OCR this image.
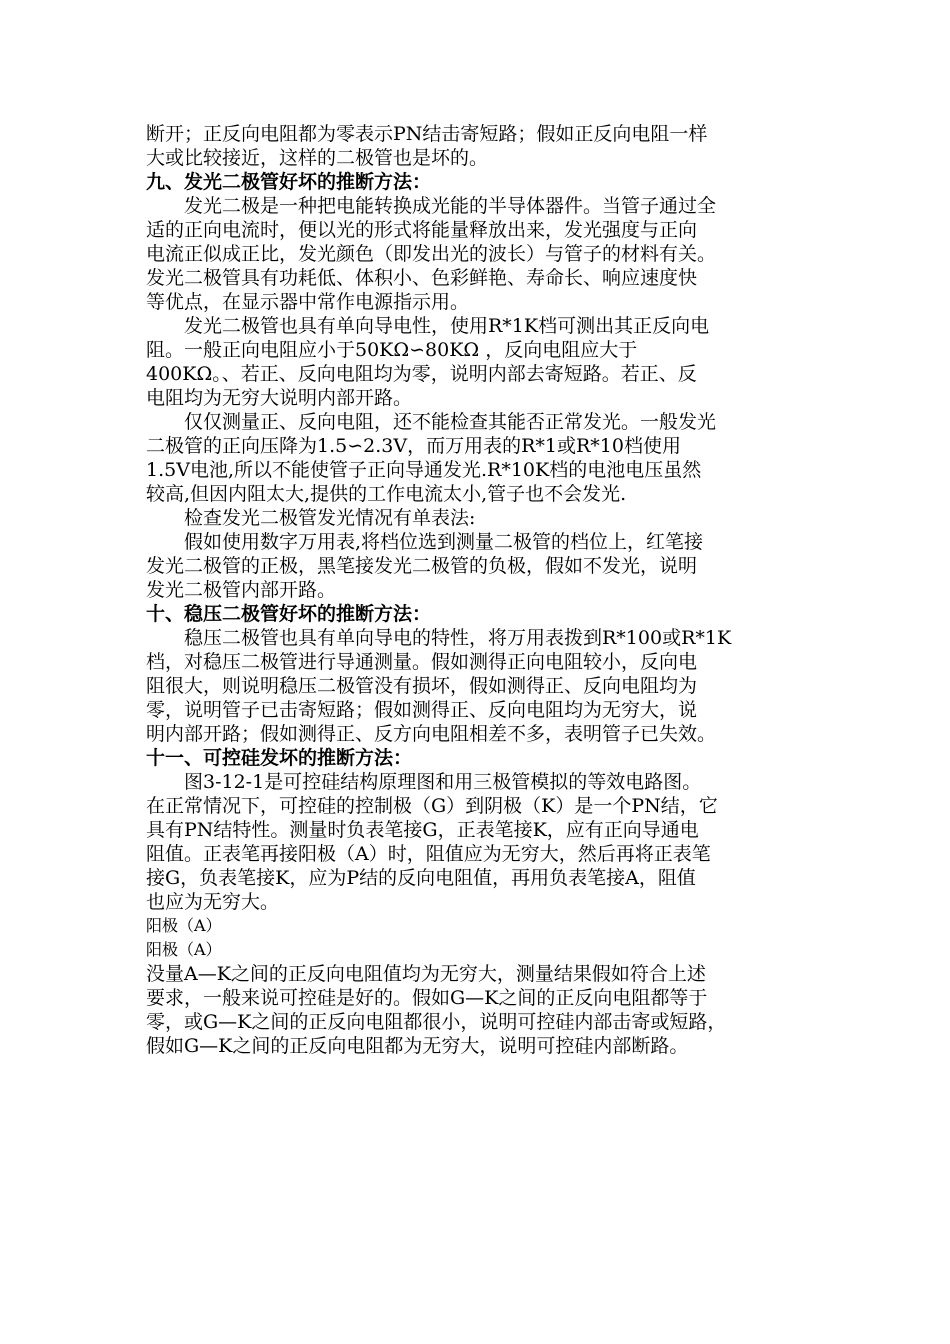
断开；正反向电阻都为零表示PN结击寄短路；假如正反向电阻一样
大或比较接近，这样的二极管也是坏的。
九、发光二极管好坏的推断方法：
发光二极是一种把电能转换成光能的半导体器件。当管子通过全
适的正向电流时，便以光的形式将能量释放出来，发光强度与正向
电流正似成正比，发光颜色（即发出光的波长）与管子的材料有关。
发光二极管具有功耗低、体积小、色彩鲜艳、寿命长、响应速度快
等优点，在显示器中常作电源指示用。
发光二极管也具有单向导电性，使用R*1K档可测出其正反向电
阻。一般正向电阻应小于50KΩ∽80KΩ ，反向电阻应大于
400KΩ。、若正、反向电阻均为零，说明内部去寄短路。若正、反
电阻均为无穷大说明内部开路。
仅仅测量正、反向电阻，还不能检查其能否正常发光。一般发光
二极管的正向压降为1.5∽2.3V，而万用表的R*1或R*10档使用
1.5V电池,所以不能使管子正向导通发光.R*10K档的电池电压虽然
较高,但因内阻太大,提供的工作电流太小,管子也不会发光.
检查发光二极管发光情况有单表法:
假如使用数字万用表,将档位选到测量二极管的档位上，红笔接
发光二极管的正极，黑笔接发光二极管的负极，假如不发光，说明
发光二极管内部开路。
十、稳压二极管好坏的推断方法：
稳压二极管也具有单向导电的特性，将万用表拨到R*100或R*1K
档，对稳压二极管进行导通测量。假如测得正向电阻较小，反向电
阻很大，则说明稳压二极管没有损坏，假如测得正、反向电阻均为
零，说明管子已击寄短路；假如测得正、反向电阻均为无穷大，说
明内部开路；假如测得正、反方向电阻相差不多，表明管子已失效。
十一、可控硅发坏的推断方法：
图3-12-1是可控硅结构原理图和用三极管模拟的等效电路图。
在正常情况下，可控硅的控制极（G）到阴极（K）是一个PN结，它
具有PN结特性。测量时负表笔接G，正表笔接K，应有正向导通电
阻值。正表笔再接阳极（A）时，阻值应为无穷大，然后再将正表笔
接G，负表笔接K，应为P结的反向电阻值，再用负表笔接A，阻值
也应为无穷大。
阳极（A）
阳极（A）
没量A—K之间的正反向电阻值均为无穷大，测量结果假如符合上述
要求，一般来说可控硅是好的。假如G—K之间的正反向电阻都等于
零，或G—K之间的正反向电阻都很小，说明可控硅内部击寄或短路，
假如G—K之间的正反向电阻都为无穷大，说明可控硅内部断路。
